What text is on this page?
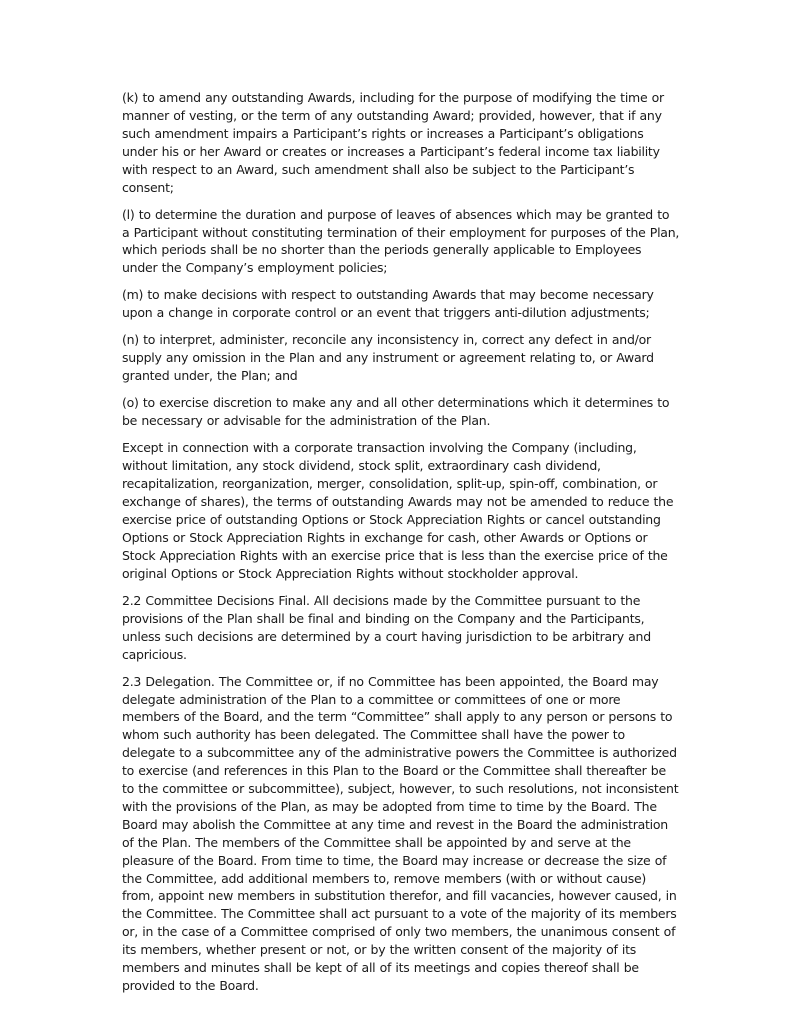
(k) to amend any outstanding Awards, including for the purpose of modifying the time or manner of vesting, or the term of any outstanding Award; provided, however, that if any such amendment impairs a Participant’s rights or increases a Participant’s obligations under his or her Award or creates or increases a Participant’s federal income tax liability with respect to an Award, such amendment shall also be subject to the Participant’s consent;

(l) to determine the duration and purpose of leaves of absences which may be granted to a Participant without constituting termination of their employment for purposes of the Plan, which periods shall be no shorter than the periods generally applicable to Employees under the Company’s employment policies;

(m) to make decisions with respect to outstanding Awards that may become necessary upon a change in corporate control or an event that triggers anti-dilution adjustments;

(n) to interpret, administer, reconcile any inconsistency in, correct any defect in and/or supply any omission in the Plan and any instrument or agreement relating to, or Award granted under, the Plan; and

(o) to exercise discretion to make any and all other determinations which it determines to be necessary or advisable for the administration of the Plan.

Except in connection with a corporate transaction involving the Company (including, without limitation, any stock dividend, stock split, extraordinary cash dividend, recapitalization, reorganization, merger, consolidation, split-up, spin-off, combination, or exchange of shares), the terms of outstanding Awards may not be amended to reduce the exercise price of outstanding Options or Stock Appreciation Rights or cancel outstanding Options or Stock Appreciation Rights in exchange for cash, other Awards or Options or Stock Appreciation Rights with an exercise price that is less than the exercise price of the original Options or Stock Appreciation Rights without stockholder approval.

2.2 Committee Decisions Final. All decisions made by the Committee pursuant to the provisions of the Plan shall be final and binding on the Company and the Participants, unless such decisions are determined by a court having jurisdiction to be arbitrary and capricious.

2.3 Delegation. The Committee or, if no Committee has been appointed, the Board may delegate administration of the Plan to a committee or committees of one or more members of the Board, and the term “Committee” shall apply to any person or persons to whom such authority has been delegated. The Committee shall have the power to delegate to a subcommittee any of the administrative powers the Committee is authorized to exercise (and references in this Plan to the Board or the Committee shall thereafter be to the committee or subcommittee), subject, however, to such resolutions, not inconsistent with the provisions of the Plan, as may be adopted from time to time by the Board. The Board may abolish the Committee at any time and revest in the Board the administration of the Plan. The members of the Committee shall be appointed by and serve at the pleasure of the Board. From time to time, the Board may increase or decrease the size of the Committee, add additional members to, remove members (with or without cause) from, appoint new members in substitution therefor, and fill vacancies, however caused, in the Committee. The Committee shall act pursuant to a vote of the majority of its members or, in the case of a Committee comprised of only two members, the unanimous consent of its members, whether present or not, or by the written consent of the majority of its members and minutes shall be kept of all of its meetings and copies thereof shall be provided to the Board.
